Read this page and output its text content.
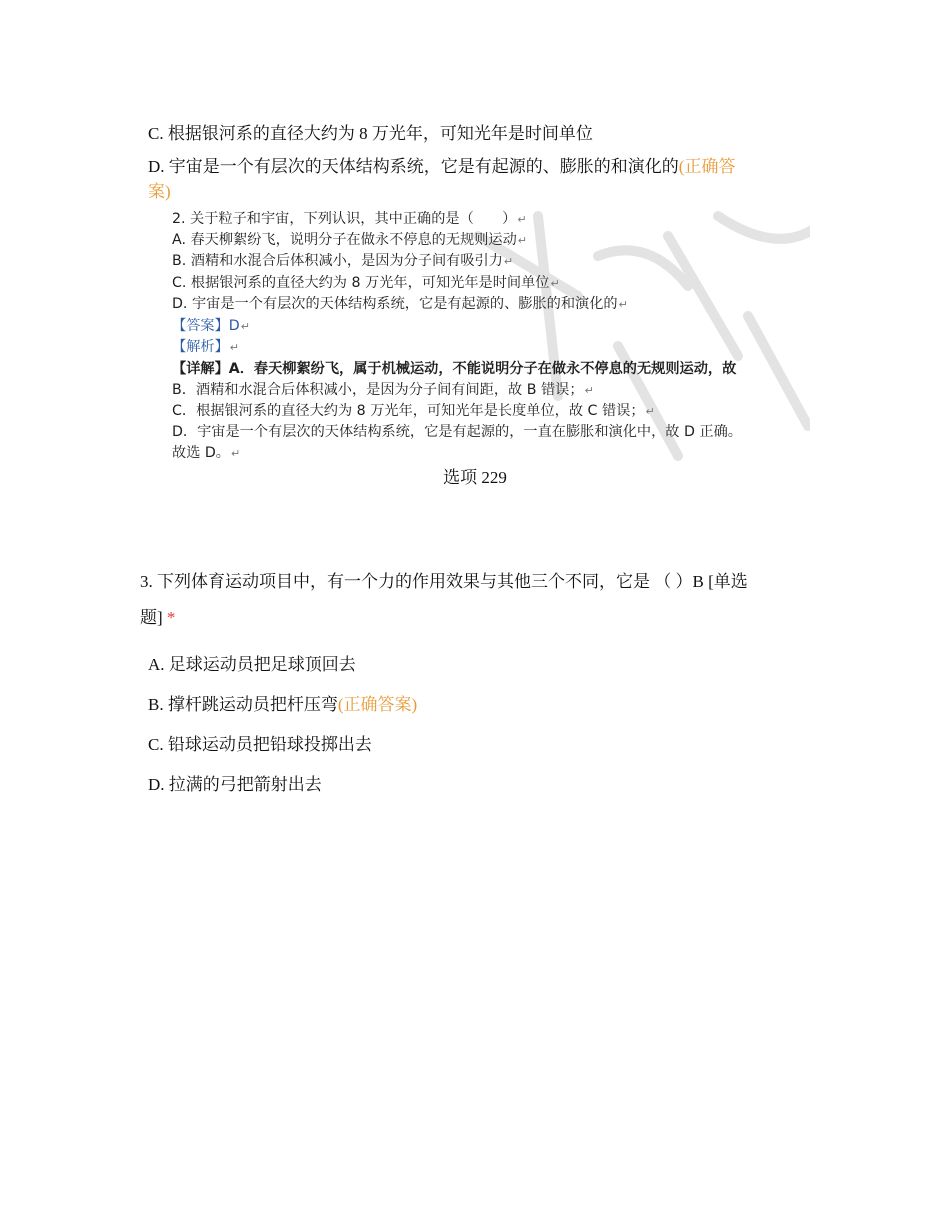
C. 根据银河系的直径大约为 8 万光年，可知光年是时间单位
D. 宇宙是一个有层次的天体结构系统，它是有起源的、膨胀的和演化的(正确答
案)
2. 关于粒子和宇宙，下列认识，其中正确的是（　　）↵
A. 春天柳絮纷飞，说明分子在做永不停息的无规则运动↵
B. 酒精和水混合后体积减小，是因为分子间有吸引力↵
C. 根据银河系的直径大约为 8 万光年，可知光年是时间单位↵
D. 宇宙是一个有层次的天体结构系统，它是有起源的、膨胀的和演化的↵
【答案】D↵
【解析】↵
【详解】A．春天柳絮纷飞，属于机械运动，不能说明分子在做永不停息的无规则运动，故
B．酒精和水混合后体积减小，是因为分子间有间距，故 B 错误；↵
C．根据银河系的直径大约为 8 万光年，可知光年是长度单位，故 C 错误；↵
D．宇宙是一个有层次的天体结构系统，它是有起源的，一直在膨胀和演化中，故 D 正确。
故选 D。↵
选项 229
3. 下列体育运动项目中，有一个力的作用效果与其他三个不同，它是 （ ）B [单选
题] *
A. 足球运动员把足球顶回去
B. 撑杆跳运动员把杆压弯(正确答案)
C. 铅球运动员把铅球投掷出去
D. 拉满的弓把箭射出去
